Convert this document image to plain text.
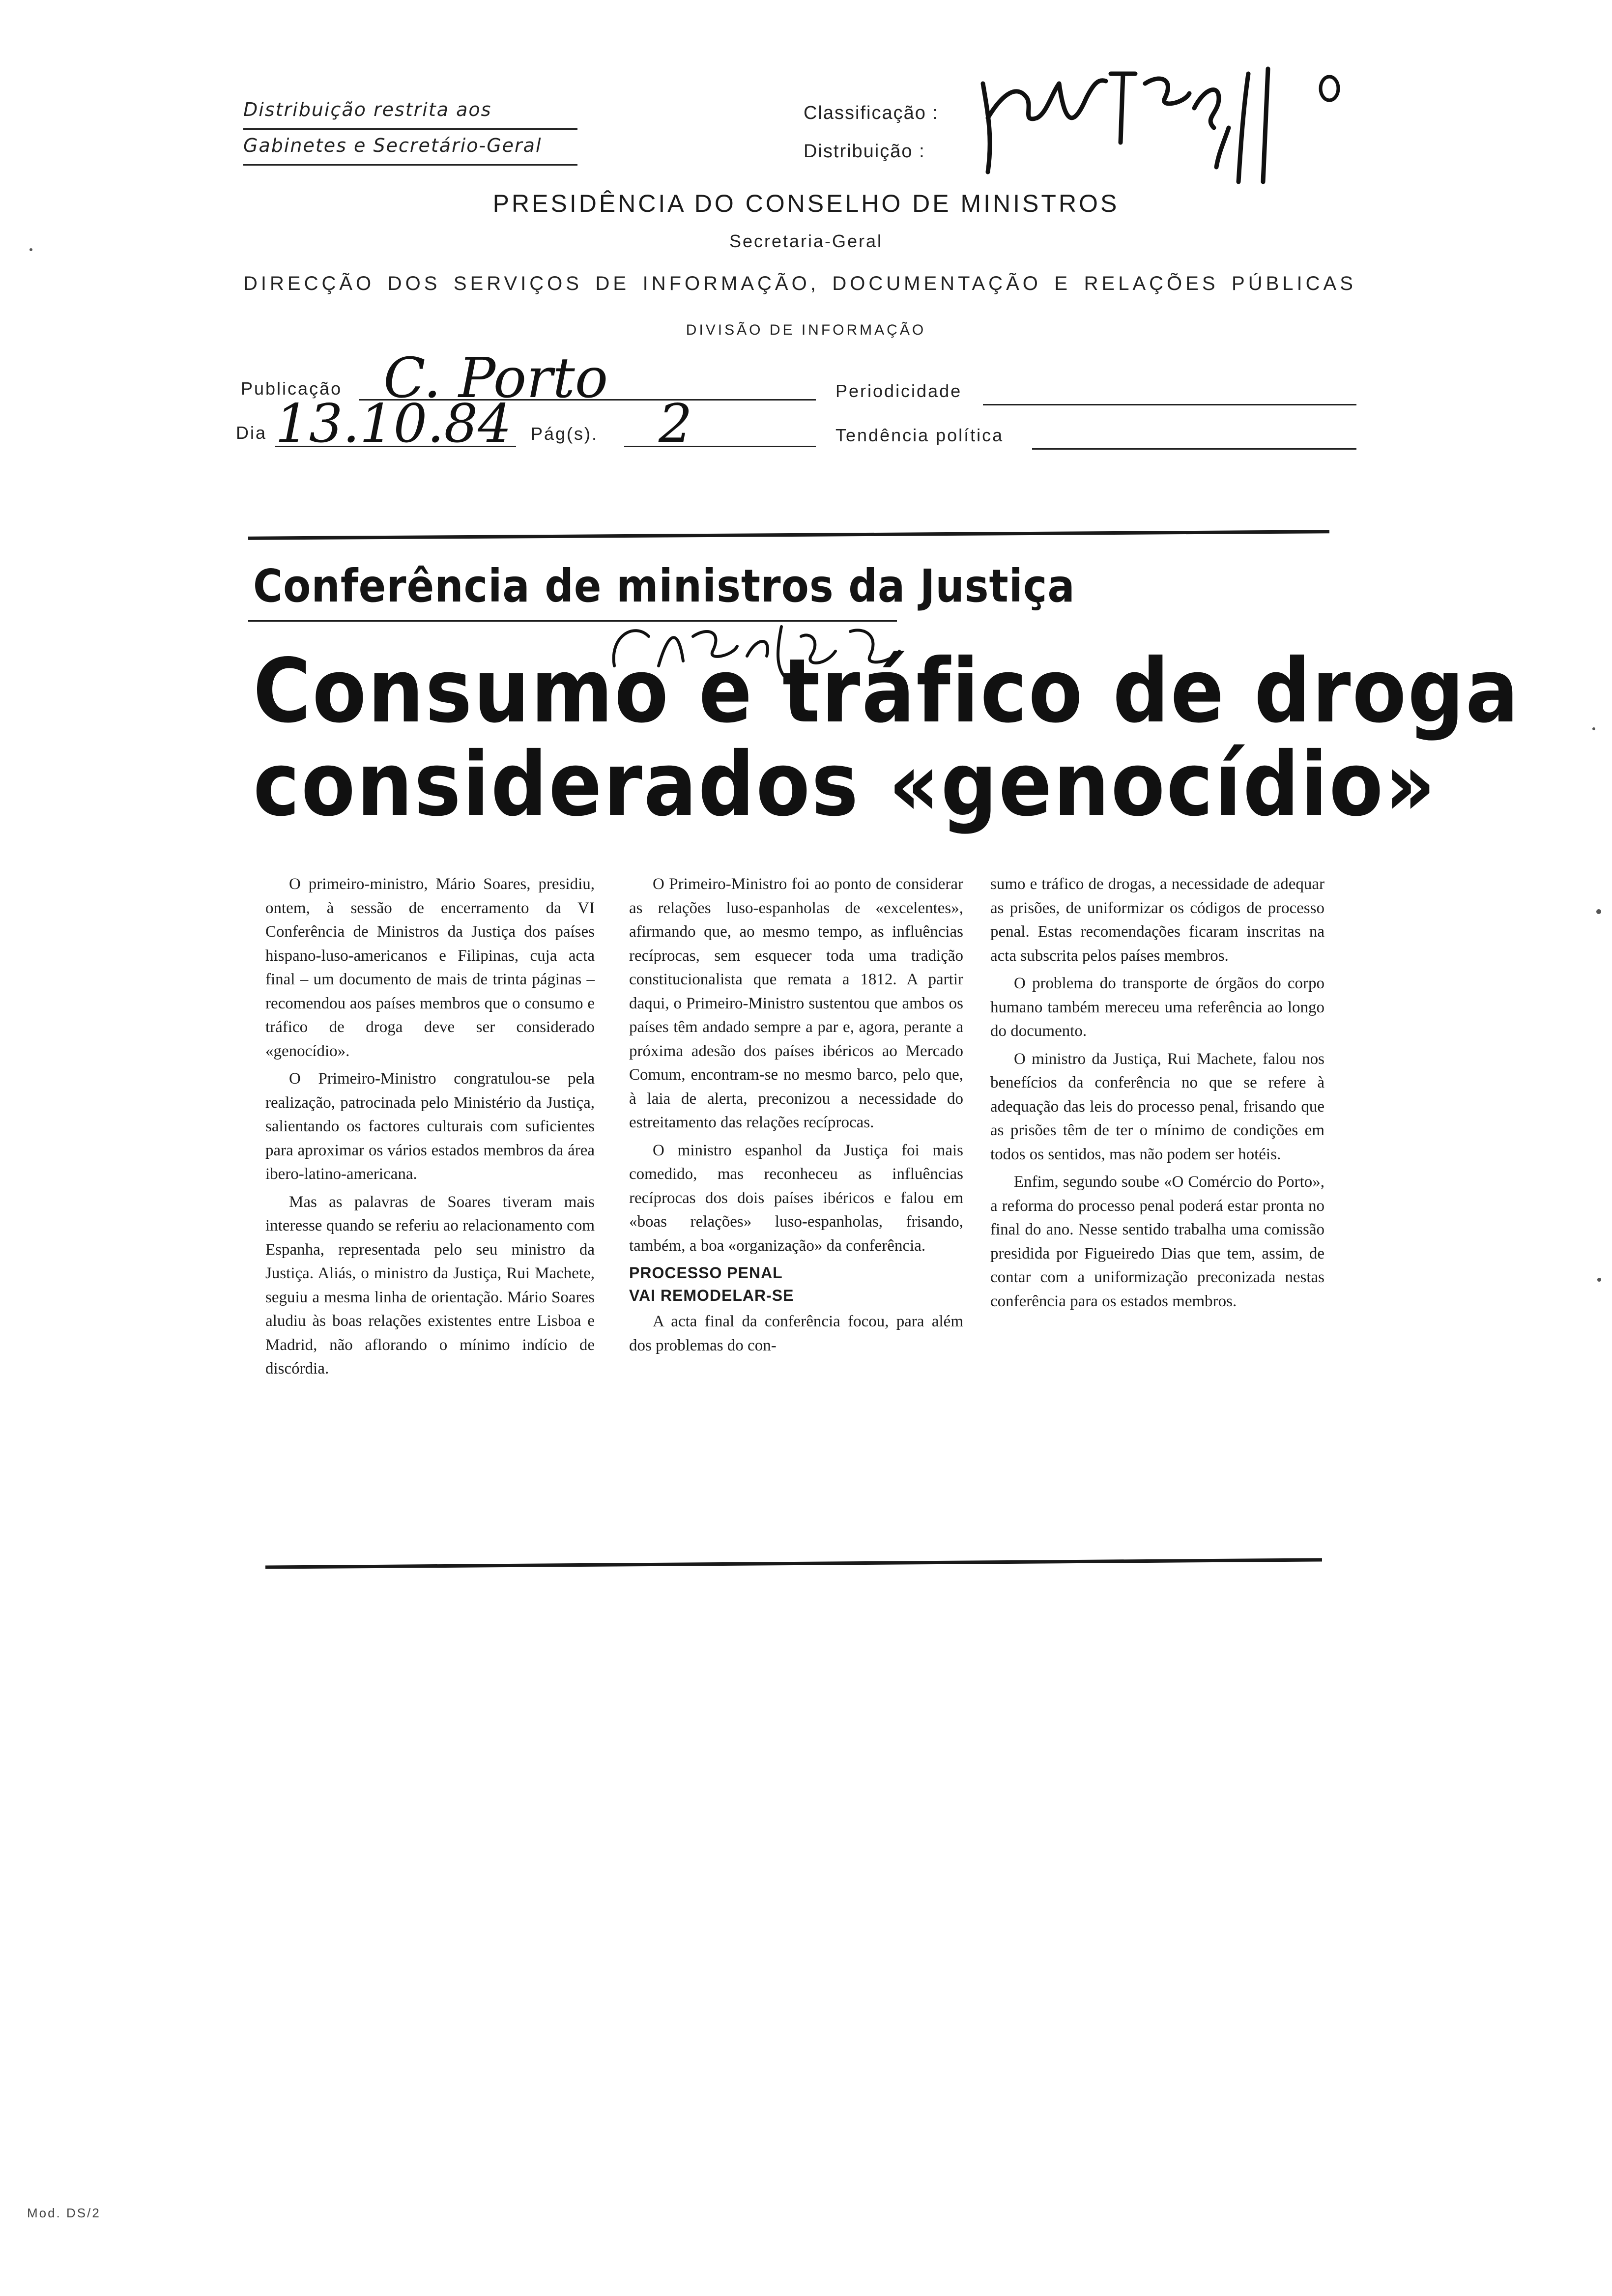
Distribuição restrita aos
Gabinetes e Secretário-Geral
Classificação :
Distribuição :
PRESIDÊNCIA DO CONSELHO DE MINISTROS
Secretaria-Geral
DIRECÇÃO DOS SERVIÇOS DE INFORMAÇÃO, DOCUMENTAÇÃO E RELAÇÕES PÚBLICAS
DIVISÃO DE INFORMAÇÃO
Publicação C. Porto	Periodicidade
Dia 13.10.84 Pág(s). 2	Tendência política
Conferência de ministros da Justiça
Consumo e tráfico de droga
considerados «genocídio»

O primeiro-ministro, Mário Soares, presidiu, ontem, à sessão de encerramento da VI Conferência de Ministros da Justiça dos países hispano-luso-americanos e Filipinas, cuja acta final – um documento de mais de trinta páginas – recomendou aos países membros que o consumo e tráfico de droga deve ser considerado «genocídio».

O Primeiro-Ministro congratulou-se pela realização, patrocinada pelo Ministério da Justiça, salientando os factores culturais com suficientes para aproximar os vários estados membros da área ibero-latino-americana.

Mas as palavras de Soares tiveram mais interesse quando se referiu ao relacionamento com Espanha, representada pelo seu ministro da Justiça. Aliás, o ministro da Justiça, Rui Machete, seguiu a mesma linha de orientação. Mário Soares aludiu às boas relações existentes entre Lisboa e Madrid, não aflorando o mínimo indício de discórdia.

O Primeiro-Ministro foi ao ponto de considerar as relações luso-espanholas de «excelentes», afirmando que, ao mesmo tempo, as influências recíprocas, sem esquecer toda uma tradição constitucionalista que remata a 1812. A partir daqui, o Primeiro-Ministro sustentou que ambos os países têm andado sempre a par e, agora, perante a próxima adesão dos países ibéricos ao Mercado Comum, encontram-se no mesmo barco, pelo que, à laia de alerta, preconizou a necessidade do estreitamento das relações recíprocas.

O ministro espanhol da Justiça foi mais comedido, mas reconheceu as influências recíprocas dos dois países ibéricos e falou em «boas relações» luso-espanholas, frisando, também, a boa «organização» da conferência.

PROCESSO PENAL
VAI REMODELAR-SE

A acta final da conferência focou, para além dos problemas do con-

sumo e tráfico de drogas, a necessidade de adequar as prisões, de uniformizar os códigos de processo penal. Estas recomendações ficaram inscritas na acta subscrita pelos países membros.

O problema do transporte de órgãos do corpo humano também mereceu uma referência ao longo do documento.

O ministro da Justiça, Rui Machete, falou nos benefícios da conferência no que se refere à adequação das leis do processo penal, frisando que as prisões têm de ter o mínimo de condições em todos os sentidos, mas não podem ser hotéis.

Enfim, segundo soube «O Comércio do Porto», a reforma do processo penal poderá estar pronta no final do ano. Nesse sentido trabalha uma comissão presidida por Figueiredo Dias que tem, assim, de contar com a uniformização preconizada nestas conferência para os estados membros.

Mod. DS/2
